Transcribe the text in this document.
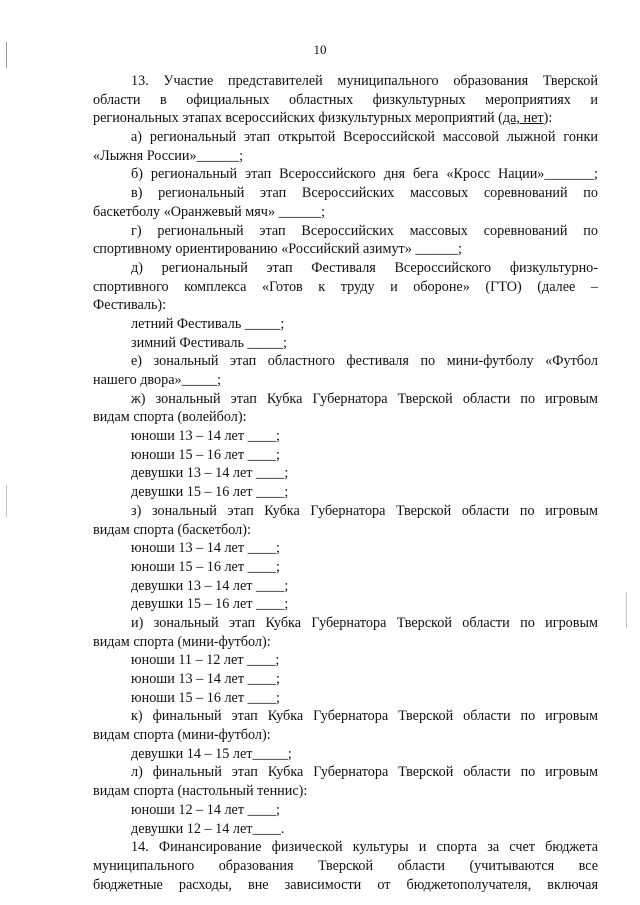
10
13. Участие представителей муниципального образования Тверской
области в официальных областных физкультурных мероприятиях и
региональных этапах всероссийских физкультурных мероприятий (да, нет):
а) региональный этап открытой Всероссийской массовой лыжной гонки
«Лыжня России»______;
б) региональный этап Всероссийского дня бега «Кросс Нации»_______;
в) региональный этап Всероссийских массовых соревнований по
баскетболу «Оранжевый мяч» ______;
г) региональный этап Всероссийских массовых соревнований по
спортивному ориентированию «Российский азимут» ______;
д) региональный этап Фестиваля Всероссийского физкультурно-
спортивного комплекса «Готов к труду и обороне» (ГТО) (далее –
Фестиваль):
летний Фестиваль _____;
зимний Фестиваль _____;
е) зональный этап областного фестиваля по мини-футболу «Футбол
нашего двора»_____;
ж) зональный этап Кубка Губернатора Тверской области по игровым
видам спорта (волейбол):
юноши 13 – 14 лет ____;
юноши 15 – 16 лет ____;
девушки 13 – 14 лет ____;
девушки 15 – 16 лет ____;
з) зональный этап Кубка Губернатора Тверской области по игровым
видам спорта (баскетбол):
юноши 13 – 14 лет ____;
юноши 15 – 16 лет ____;
девушки 13 – 14 лет ____;
девушки 15 – 16 лет ____;
и) зональный этап Кубка Губернатора Тверской области по игровым
видам спорта (мини-футбол):
юноши 11 – 12 лет ____;
юноши 13 – 14 лет ____;
юноши 15 – 16 лет ____;
к) финальный этап Кубка Губернатора Тверской области по игровым
видам спорта (мини-футбол):
девушки 14 – 15 лет_____;
л) финальный этап Кубка Губернатора Тверской области по игровым
видам спорта (настольный теннис):
юноши 12 – 14 лет ____;
девушки 12 – 14 лет____.
14. Финансирование физической культуры и спорта за счет бюджета
муниципального образования Тверской области (учитываются все
бюджетные расходы, вне зависимости от бюджетополучателя, включая
